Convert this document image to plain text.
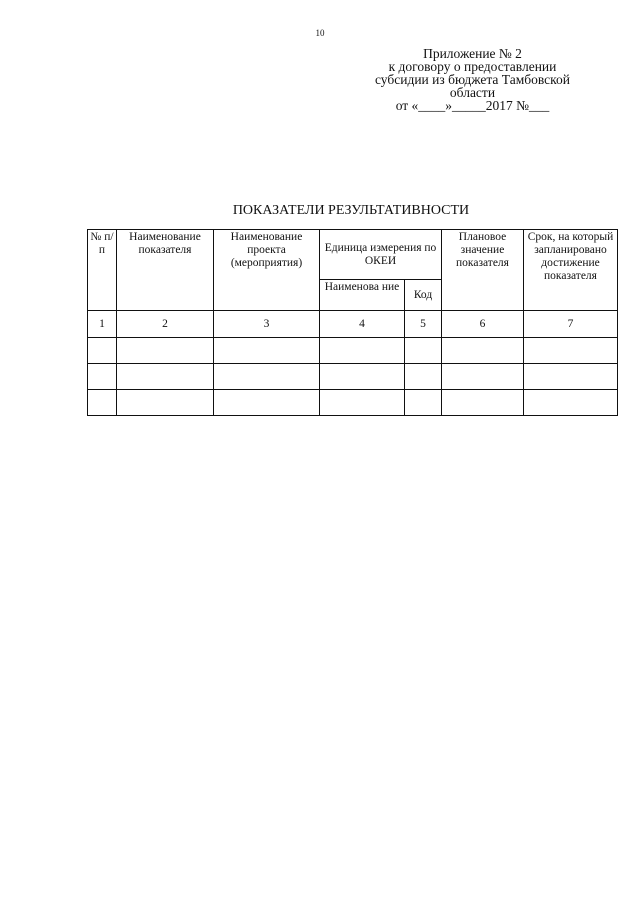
10
Приложение № 2
к договору о предоставлении
субсидии из бюджета Тамбовской
области
от «____»_____2017 №___
ПОКАЗАТЕЛИ РЕЗУЛЬТАТИВНОСТИ
№ п/п	Наименование показателя	Наименование проекта (мероприятия)	Единица измерения по ОКЕИ		Плановое значение показателя	Срок, на который запланировано достижение показателя
			Наименова ние	Код		
1	2	3	4	5	6	7
